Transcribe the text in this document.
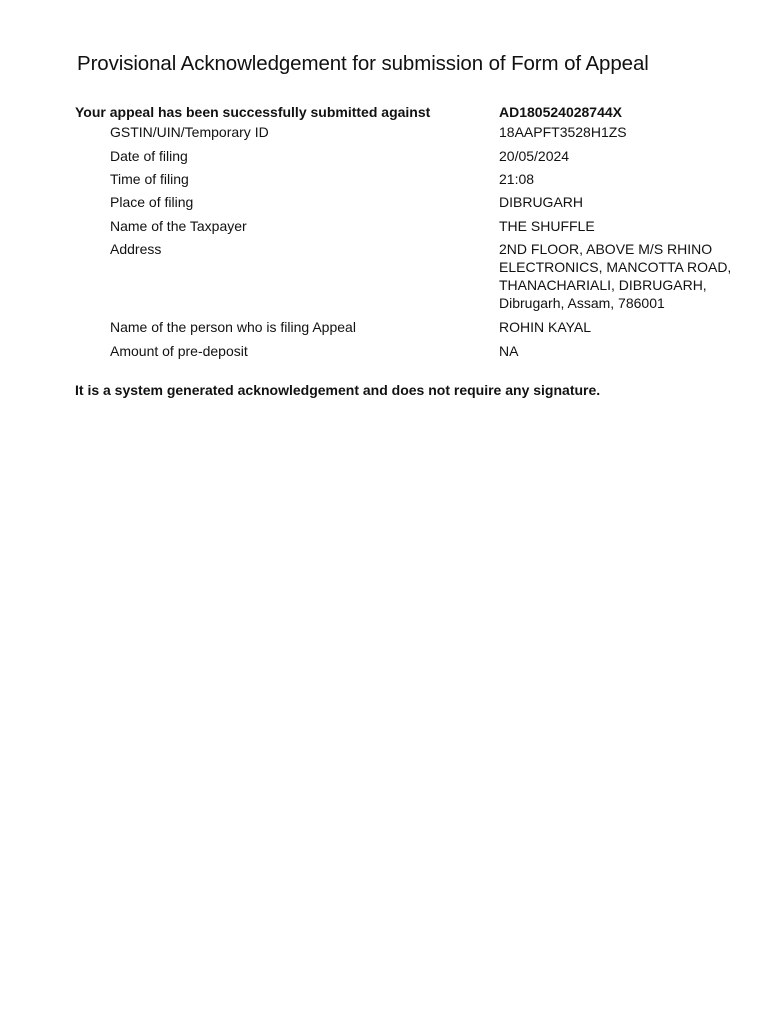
Provisional Acknowledgement for submission of Form of Appeal
Your appeal has been successfully submitted against	AD180524028744X
GSTIN/UIN/Temporary ID	18AAPFT3528H1ZS
Date of filing	20/05/2024
Time of filing	21:08
Place of filing	DIBRUGARH
Name of the Taxpayer	THE SHUFFLE
Address	2ND FLOOR, ABOVE M/S RHINO
ELECTRONICS, MANCOTTA ROAD,
THANACHARIALI, DIBRUGARH,
Dibrugarh, Assam, 786001
Name of the person who is filing Appeal	ROHIN KAYAL
Amount of pre-deposit	NA
It is a system generated acknowledgement and does not require any signature.
